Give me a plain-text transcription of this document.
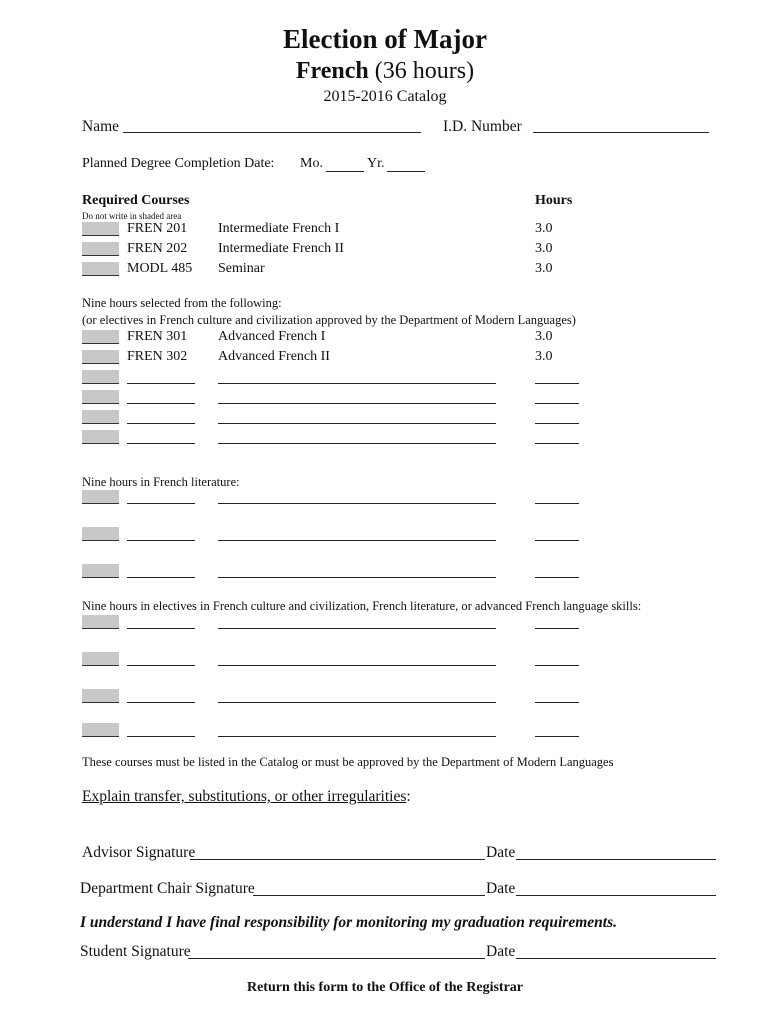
Election of Major
French (36 hours)
2015-2016 Catalog
Name	I.D. Number
Planned Degree Completion Date: Mo.	Yr.
Required Courses	Hours
Do not write in shaded area
FREN 201 Intermediate French I	3.0
FREN 202 Intermediate French II	3.0
MODL 485 Seminar	3.0
Nine hours selected from the following:
(or electives in French culture and civilization approved by the Department of Modern Languages)
FREN 301 Advanced French I	3.0
FREN 302 Advanced French II	3.0
Nine hours in French literature:
Nine hours in electives in French culture and civilization, French literature, or advanced French language skills:
These courses must be listed in the Catalog or must be approved by the Department of Modern Languages
Explain transfer, substitutions, or other irregularities:
Advisor Signature	Date
Department Chair Signature	Date
I understand I have final responsibility for monitoring my graduation requirements.
Student Signature	Date
Return this form to the Office of the Registrar
